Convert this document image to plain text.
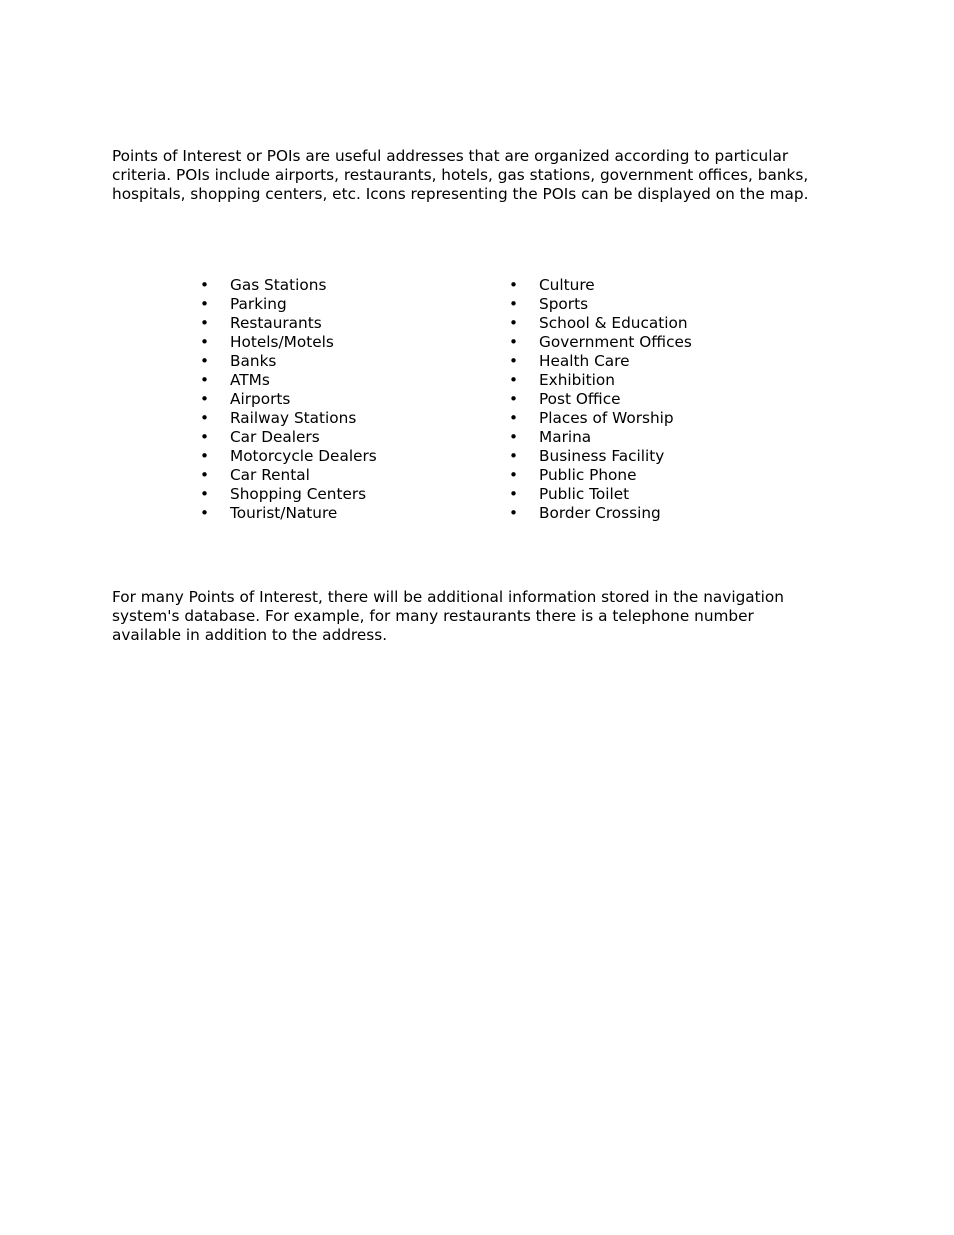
Points of Interest or POIs are useful addresses that are organized according to particular
criteria. POIs include airports, restaurants, hotels, gas stations, government offices, banks,
hospitals, shopping centers, etc. Icons representing the POIs can be displayed on the map.

• Gas Stations
• Parking
• Restaurants
• Hotels/Motels
• Banks
• ATMs
• Airports
• Railway Stations
• Car Dealers
• Motorcycle Dealers
• Car Rental
• Shopping Centers
• Tourist/Nature
• Culture
• Sports
• School & Education
• Government Offices
• Health Care
• Exhibition
• Post Office
• Places of Worship
• Marina
• Business Facility
• Public Phone
• Public Toilet
• Border Crossing

For many Points of Interest, there will be additional information stored in the navigation
system's database. For example, for many restaurants there is a telephone number
available in addition to the address.
